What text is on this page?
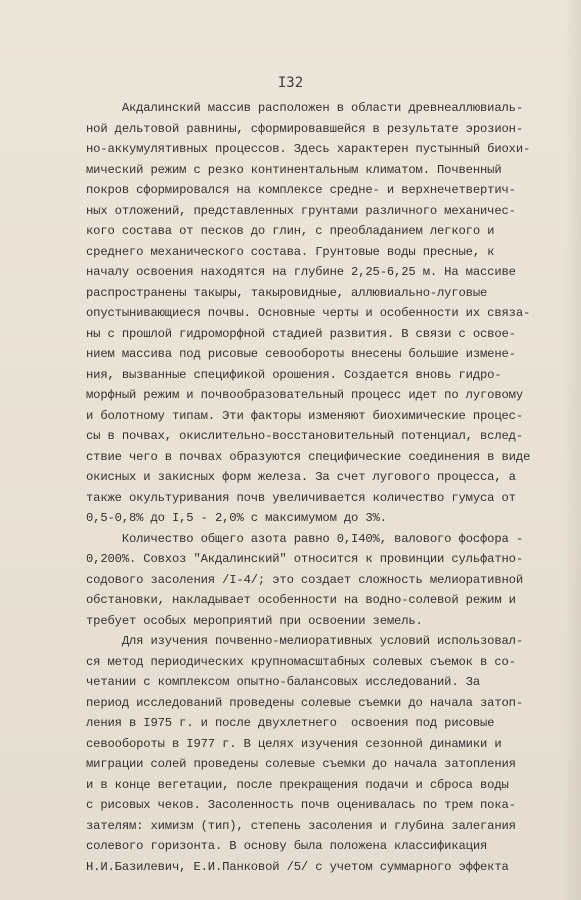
I32
Акдалинский массив расположен в области древнеаллювиаль-
ной дельтовой равнины, сформировавшейся в результате эрозион-
но-аккумулятивных процессов. Здесь характерен пустынный биохи-
мический режим с резко континентальным климатом. Почвенный
покров сформировался на комплексе средне- и верхнечетвертич-
ных отложений, представленных грунтами различного механичес-
кого состава от песков до глин, с преобладанием легкого и
среднего механического состава. Грунтовые воды пресные, к
началу освоения находятся на глубине 2,25-6,25 м. На массиве
распространены такыры, такыровидные, аллювиально-луговые
опустынивающиеся почвы. Основные черты и особенности их связа-
ны с прошлой гидроморфной стадией развития. В связи с освое-
нием массива под рисовые севообороты внесены большие измене-
ния, вызванные спецификой орошения. Создается вновь гидро-
морфный режим и почвообразовательный процесс идет по луговому
и болотному типам. Эти факторы изменяют биохимические процес-
сы в почвах, окислительно-восстановительный потенциал, вслед-
ствие чего в почвах образуются специфические соединения в виде
окисных и закисных форм железа. За счет лугового процесса, а
также окультуривания почв увеличивается количество гумуса от
0,5-0,8% до I,5 - 2,0% с максимумом до 3%.
Количество общего азота равно 0,I40%, валового фосфора -
0,200%. Совхоз "Акдалинский" относится к провинции сульфатно-
содового засоления /I-4/; это создает сложность мелиоративной
обстановки, накладывает особенности на водно-солевой режим и
требует особых мероприятий при освоении земель.
Для изучения почвенно-мелиоративных условий использовал-
ся метод периодических крупномасштабных солевых съемок в со-
четании с комплексом опытно-балансовых исследований. За
период исследований проведены солевые съемки до начала затоп-
ления в I975 г. и после двухлетнего  освоения под рисовые
севообороты в I977 г. В целях изучения сезонной динамики и
миграции солей проведены солевые съемки до начала затопления
и в конце вегетации, после прекращения подачи и сброса воды
с рисовых чеков. Засоленность почв оценивалась по трем пока-
зателям: химизм (тип), степень засоления и глубина залегания
солевого горизонта. В основу была положена классификация
Н.И.Базилевич, Е.И.Панковой /5/ с учетом суммарного эффекта
